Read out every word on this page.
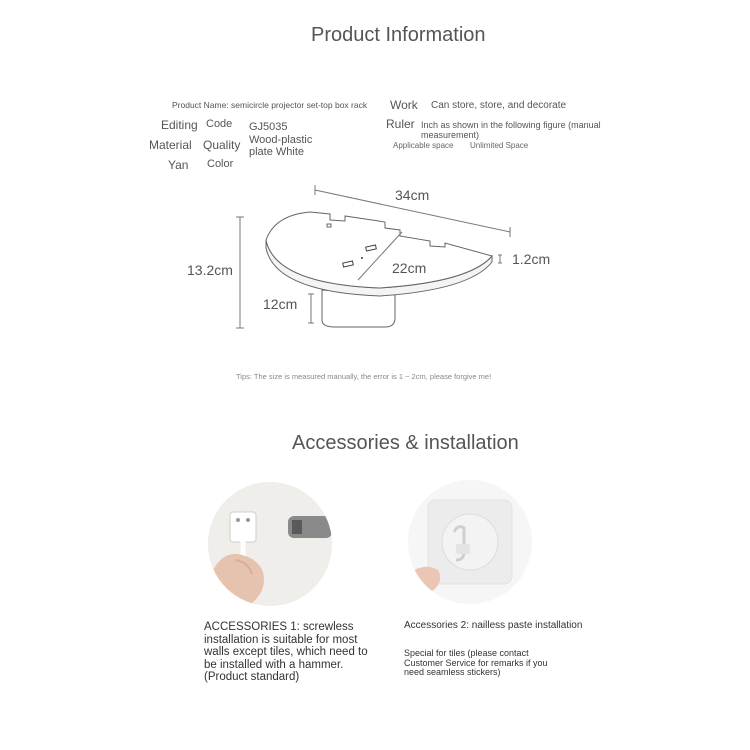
Product Information
Product Name: semicircle projector set-top box rack
Editing Code GJ5035
Material Quality Wood-plastic plate White
Yan Color
Work Can store, store, and decorate
Ruler Inch as shown in the following figure (manual measurement)
Applicable space Unlimited Space
34cm
13.2cm	22cm
1.2cm
12cm
Tips: The size is measured manually, the error is 1 ~ 2cm, please forgive me!
Accessories & installation
ACCESSORIES 1: screwless installation is suitable for most walls except tiles, which need to be installed with a hammer. (Product standard)
Accessories 2: nailless paste installation
Special for tiles (please contact Customer Service for remarks if you need seamless stickers)
